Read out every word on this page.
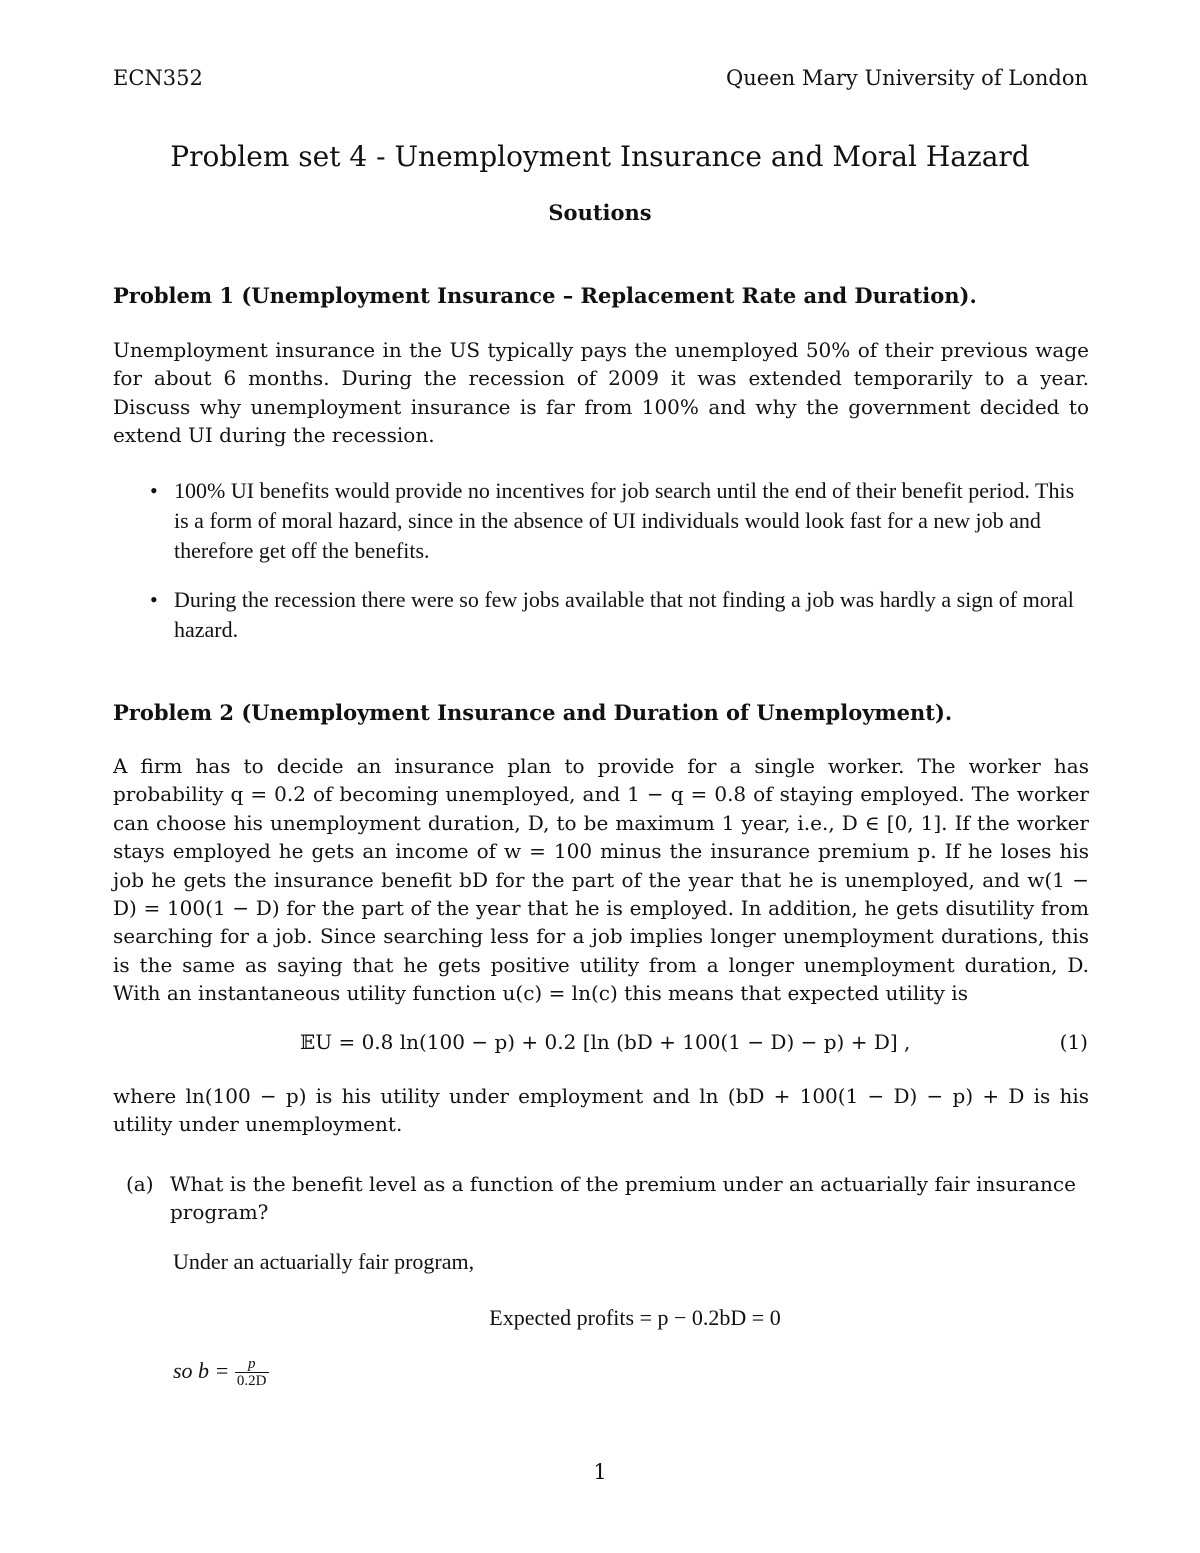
ECN352	Queen Mary University of London
Problem set 4 - Unemployment Insurance and Moral Hazard
Soutions
Problem 1 (Unemployment Insurance – Replacement Rate and Duration).
Unemployment insurance in the US typically pays the unemployed 50% of their previous wage for about 6 months. During the recession of 2009 it was extended temporarily to a year. Discuss why unemployment insurance is far from 100% and why the government decided to extend UI during the recession.
• 100% UI benefits would provide no incentives for job search until the end of their benefit period. This is a form of moral hazard, since in the absence of UI individuals would look fast for a new job and therefore get off the benefits.
• During the recession there were so few jobs available that not finding a job was hardly a sign of moral hazard.
Problem 2 (Unemployment Insurance and Duration of Unemployment).
A firm has to decide an insurance plan to provide for a single worker. The worker has probability q = 0.2 of becoming unemployed, and 1 − q = 0.8 of staying employed. The worker can choose his unemployment duration, D, to be maximum 1 year, i.e., D ∈ [0, 1]. If the worker stays employed he gets an income of w = 100 minus the insurance premium p. If he loses his job he gets the insurance benefit bD for the part of the year that he is unemployed, and w(1 − D) = 100(1 − D) for the part of the year that he is employed. In addition, he gets disutility from searching for a job. Since searching less for a job implies longer unemployment durations, this is the same as saying that he gets positive utility from a longer unemployment duration, D. With an instantaneous utility function u(c) = ln(c) this means that expected utility is
𝔼U = 0.8 ln(100 − p) + 0.2 [ln (bD + 100(1 − D) − p) + D] ,	(1)
where ln(100 − p) is his utility under employment and ln (bD + 100(1 − D) − p) + D is his utility under unemployment.
(a) What is the benefit level as a function of the premium under an actuarially fair insurance program?
Under an actuarially fair program,
Expected profits = p − 0.2bD = 0
so $b = \frac{p}{0.2D}$
1
